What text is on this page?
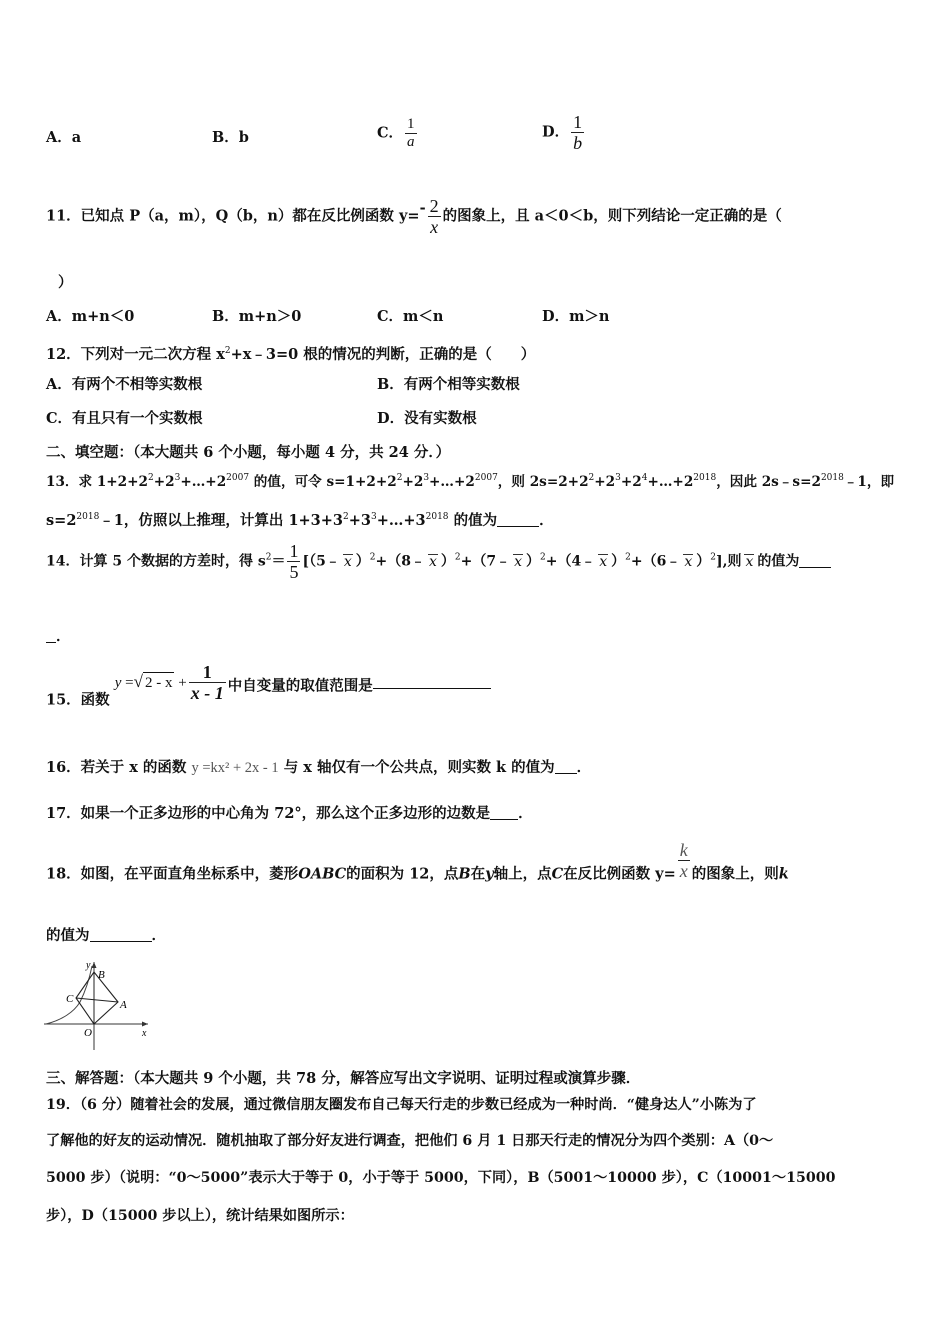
A．a	B．b	C． $\frac{1}{a}$	D． $\frac{1}{b}$
11．已知点 P（a，m），Q（b，n）都在反比例函数 $y=- \frac{2}{x}$ 的图象上，且 a＜0＜b，则下列结论一定正确的是（
）
A．m+n＜0	B．m+n＞0	C．m＜n	D．m＞n
12．下列对一元二次方程 $x^2+x﹣3=0$ 根的情况的判断，正确的是（　　）
A．有两个不相等实数根	B．有两个相等实数根
C．有且只有一个实数根	D．没有实数根
二、填空题：（本大题共 6 个小题，每小题 4 分，共 24 分．）
13．求 $1+2+2^2+2^3+\dots+2^{2007}$ 的值，可令 $s=1+2+2^2+2^3+\dots+2^{2007}$，则 $2s=2+2^2+2^3+2^4+\dots+2^{2018}$，因此 $2s﹣s=2^{2018}﹣1$，即
$s=2^{2018}﹣1$，仿照以上推理，计算出 $1+3+3^2+3^3+\dots+3^{2018}$ 的值为	．
14．计算 5 个数据的方差时，得 $s^2= \frac{1}{5}$ [（5﹣ x ）$^2$+（8﹣ x ）$^2$+（7﹣ x ）$^2$+（4﹣ x ）$^2$+（6﹣ x ）$^2$],则 x 的值为
．
15．函数 y =√ $2 - x + \frac{1}{x - 1}$ 中自变量的取值范围是
16．若关于 x 的函数 y =kx² + 2x - 1 与 x 轴仅有一个公共点，则实数 k 的值为 ．
17．如果一个正多边形的中心角为 72°，那么这个正多边形的边数是 ．
18．如图，在平面直角坐标系中，菱形OABC的面积为 12，点B在y轴上，点C在反比例函数 $y= \frac{k}{x}$ 的图象上，则k
的值为	．
B
C	A
O	x
y
三、解答题：（本大题共 9 个小题，共 78 分，解答应写出文字说明、证明过程或演算步骤．
19．（6 分）随着社会的发展，通过微信朋友圈发布自己每天行走的步数已经成为一种时尚．“健身达人”小陈为了
了解他的好友的运动情况．随机抽取了部分好友进行调查，把他们 6 月 1 日那天行走的情况分为四个类别：A（0～
5000 步）（说明：“0～5000”表示大于等于 0，小于等于 5000，下同），B（5001～10000 步），C（10001～15000
步），D（15000 步以上），统计结果如图所示：
